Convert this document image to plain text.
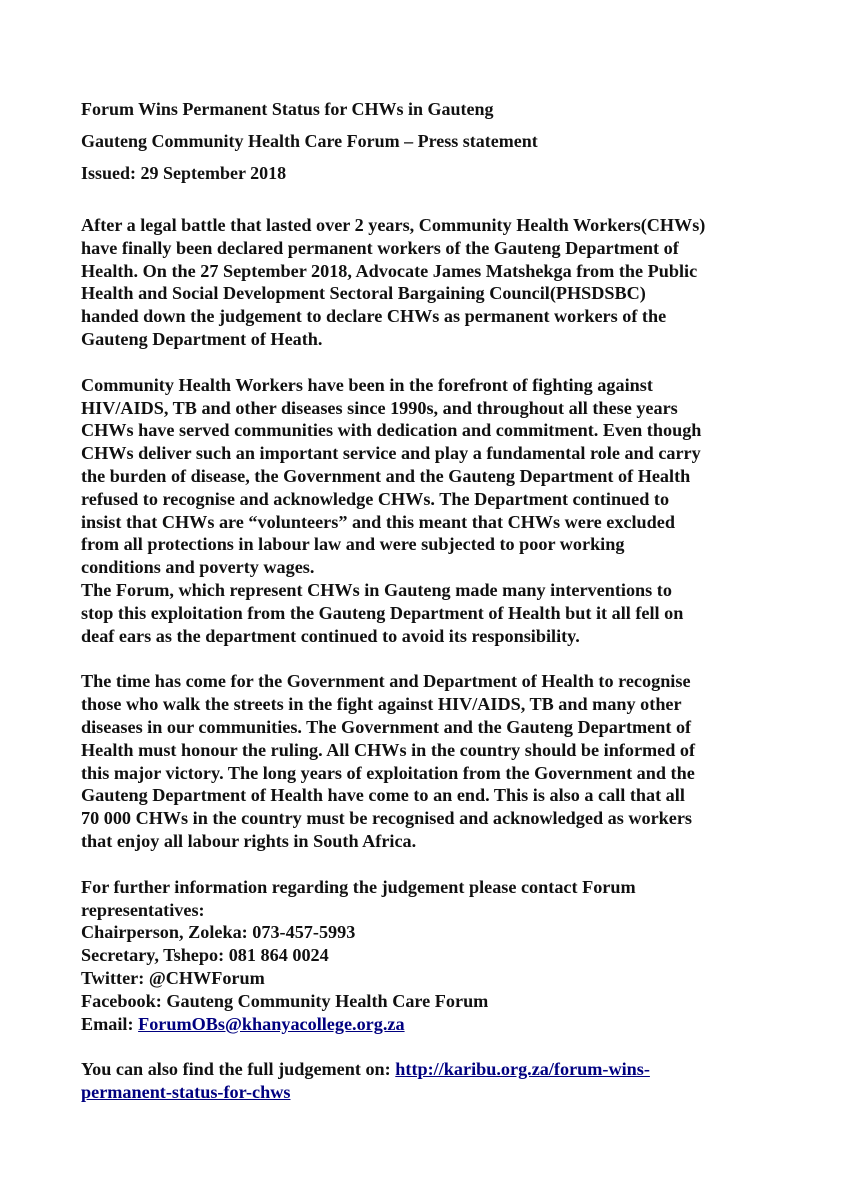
Forum Wins Permanent Status for CHWs in Gauteng
Gauteng Community Health Care Forum – Press statement
Issued: 29 September 2018

After a legal battle that lasted over 2 years, Community Health Workers(CHWs)
have finally been declared permanent workers of the Gauteng Department of
Health. On the 27 September 2018, Advocate James Matshekga from the Public
Health and Social Development Sectoral Bargaining Council(PHSDSBC)
handed down the judgement to declare CHWs as permanent workers of the
Gauteng Department of Heath.

Community Health Workers have been in the forefront of fighting against
HIV/AIDS, TB and other diseases since 1990s, and throughout all these years
CHWs have served communities with dedication and commitment. Even though
CHWs deliver such an important service and play a fundamental role and carry
the burden of disease, the Government and the Gauteng Department of Health
refused to recognise and acknowledge CHWs. The Department continued to
insist that CHWs are “volunteers” and this meant that CHWs were excluded
from all protections in labour law and were subjected to poor working
conditions and poverty wages.
The Forum, which represent CHWs in Gauteng made many interventions to
stop this exploitation from the Gauteng Department of Health but it all fell on
deaf ears as the department continued to avoid its responsibility.

The time has come for the Government and Department of Health to recognise
those who walk the streets in the fight against HIV/AIDS, TB and many other
diseases in our communities. The Government and the Gauteng Department of
Health must honour the ruling. All CHWs in the country should be informed of
this major victory. The long years of exploitation from the Government and the
Gauteng Department of Health have come to an end. This is also a call that all
70 000 CHWs in the country must be recognised and acknowledged as workers
that enjoy all labour rights in South Africa.

For further information regarding the judgement please contact Forum
representatives:
Chairperson, Zoleka: 073-457-5993
Secretary, Tshepo: 081 864 0024
Twitter: @CHWForum
Facebook: Gauteng Community Health Care Forum
Email: ForumOBs@khanyacollege.org.za

You can also find the full judgement on: http://karibu.org.za/forum-wins-
permanent-status-for-chws
